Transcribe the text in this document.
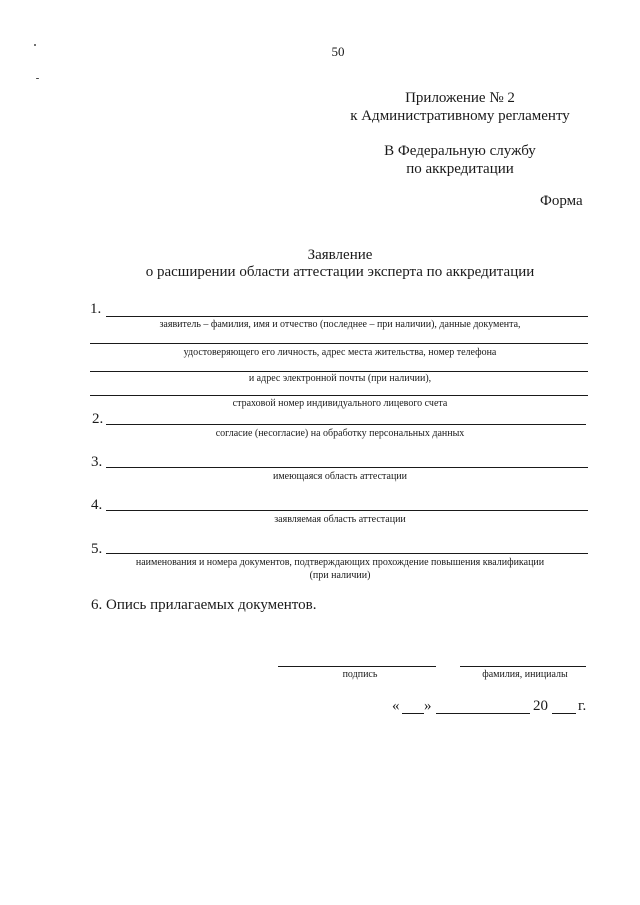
50
Приложение № 2
к Административному регламенту
В Федеральную службу
по аккредитации
Форма
Заявление
о расширении области аттестации эксперта по аккредитации
1.
заявитель – фамилия, имя и отчество (последнее – при наличии), данные документа,
удостоверяющего его личность, адрес места жительства, номер телефона
и адрес электронной почты (при наличии),
страховой номер индивидуального лицевого счета
2.
согласие (несогласие) на обработку персональных данных
3.
имеющаяся область аттестации
4.
заявляемая область аттестации
5.
наименования и номера документов, подтверждающих прохождение повышения квалификации
(при наличии)
6. Опись прилагаемых документов.
подпись	фамилия, инициалы
« »	20 г.
